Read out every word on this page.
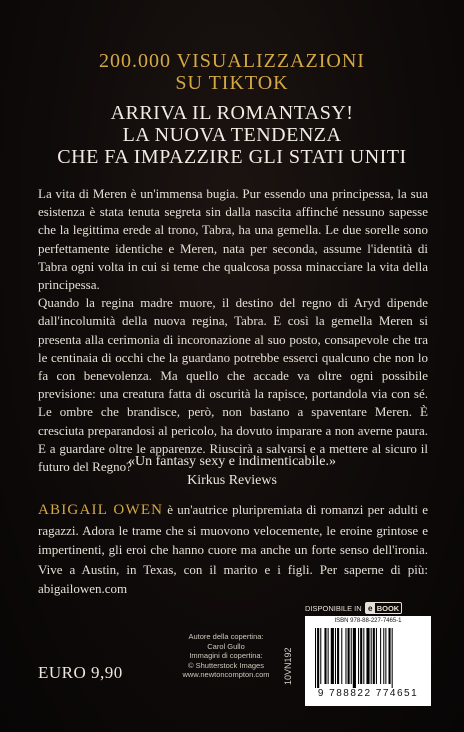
200.000 VISUALIZZAZIONI
SU TIKTOK
ARRIVA IL ROMANTASY!
LA NUOVA TENDENZA
CHE FA IMPAZZIRE GLI STATI UNITI

La vita di Meren è un'immensa bugia. Pur essendo una principessa, la sua esistenza è stata tenuta segreta sin dalla nascita affinché nessuno sapesse che la legittima erede al trono, Tabra, ha una gemella. Le due sorelle sono perfettamente identiche e Meren, nata per seconda, assume l'identità di Tabra ogni volta in cui si teme che qualcosa possa minacciare la vita della principessa.

Quando la regina madre muore, il destino del regno di Aryd dipende dall'incolumità della nuova regina, Tabra. E così la gemella Meren si presenta alla cerimonia di incoronazione al suo posto, consapevole che tra le centinaia di occhi che la guardano potrebbe esserci qualcuno che non lo fa con benevolenza. Ma quello che accade va oltre ogni possibile previsione: una creatura fatta di oscurità la rapisce, portandola via con sé. Le ombre che brandisce, però, non bastano a spaventare Meren. È cresciuta preparandosi al pericolo, ha dovuto imparare a non averne paura. E a guardare oltre le apparenze. Riuscirà a salvarsi e a mettere al sicuro il futuro del Regno?

«Un fantasy sexy e indimenticabile.»
Kirkus Reviews
ABIGAIL OWEN è un'autrice pluripremiata di romanzi per adulti e ragazzi. Adora le trame che si muovono velocemente, le eroine grintose e impertinenti, gli eroi che hanno cuore ma anche un forte senso dell'ironia. Vive a Austin, in Texas, con il marito e i figli. Per saperne di più: abigailowen.com
Autore della copertina:
Carol Gullo
Immagini di copertina:
© Shutterstock Images
www.newtoncompton.com
EURO 9,90	10VN192
DISPONIBILE IN e BOOK
ISBN 978-88-227-7465-1
9 788822 774651
